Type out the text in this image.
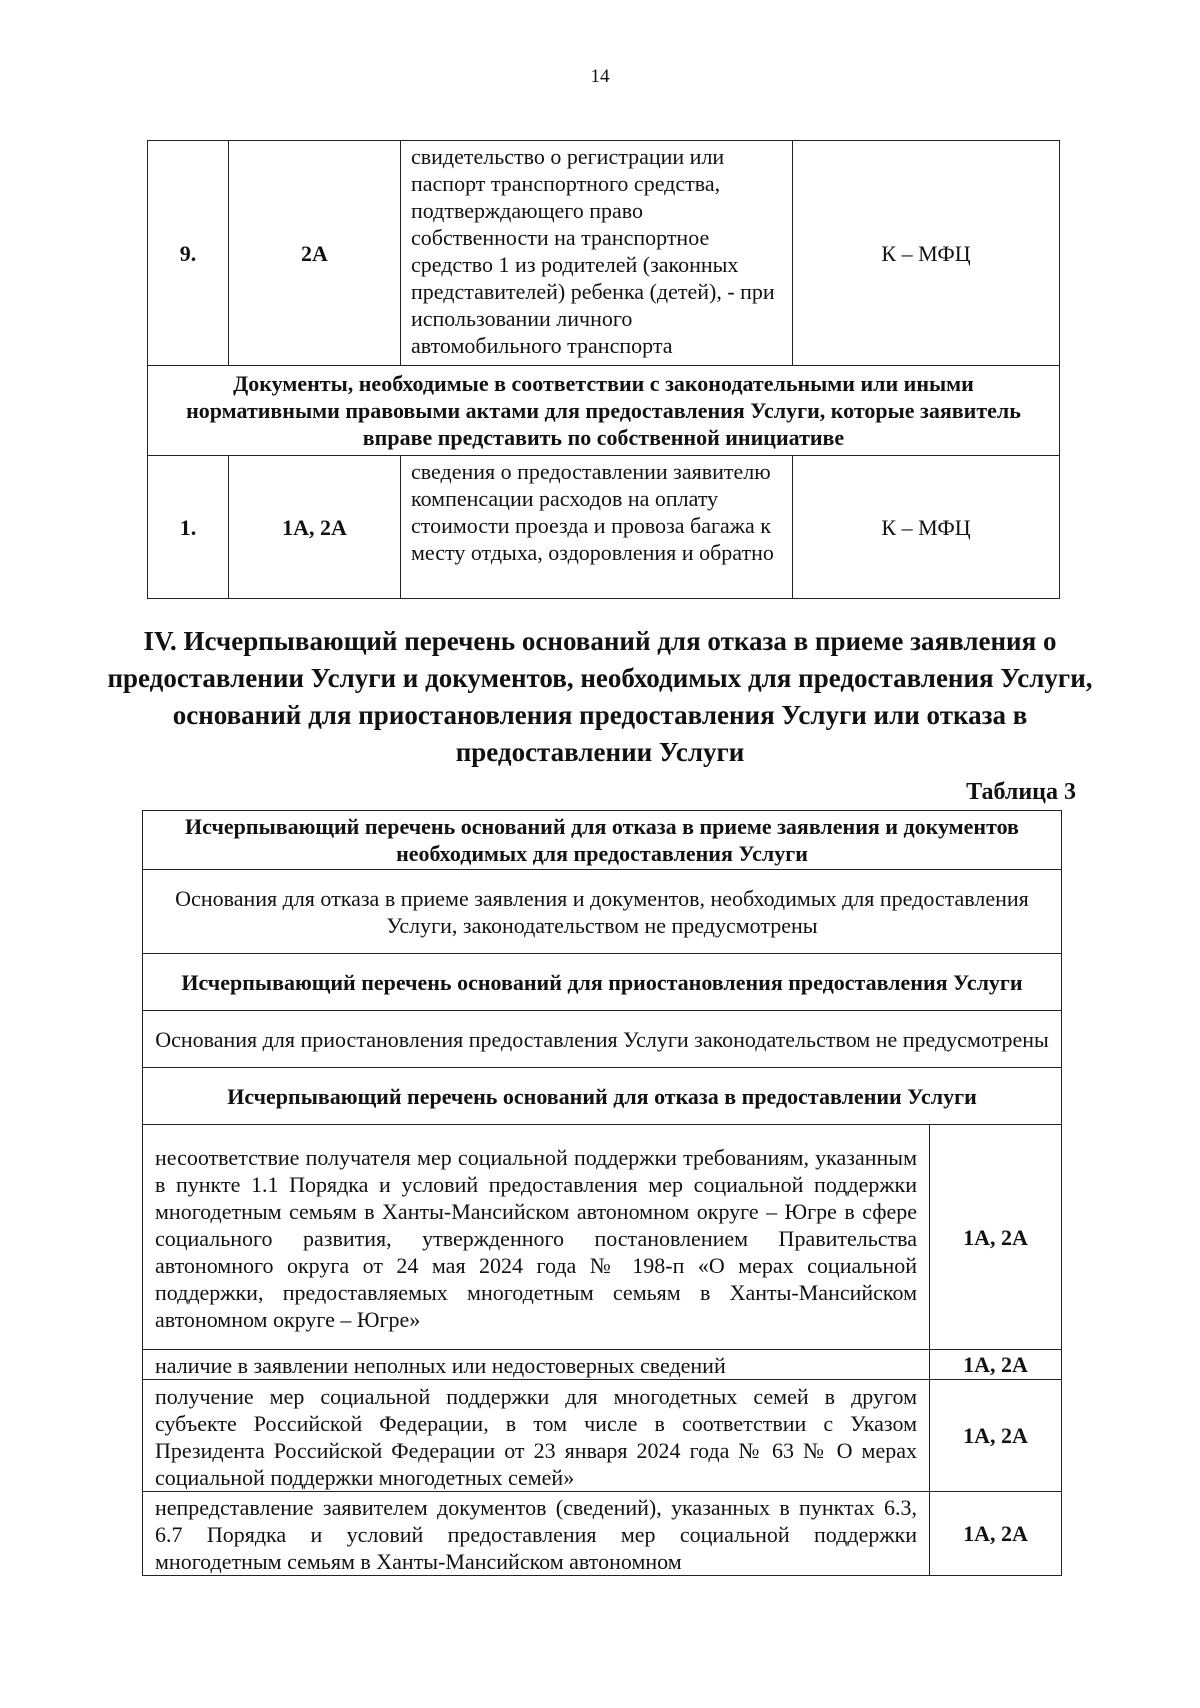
14
9.	2А	свидетельство о регистрации или паспорт транспортного средства, подтверждающего право собственности на транспортное средство 1 из родителей (законных представителей) ребенка (детей), - при использовании личного автомобильного транспорта	К – МФЦ
Документы, необходимые в соответствии с законодательными или иными нормативными правовыми актами для предоставления Услуги, которые заявитель вправе представить по собственной инициативе			
1.	1А, 2А	сведения о предоставлении заявителю компенсации расходов на оплату стоимости проезда и провоза багажа к месту отдыха, оздоровления и обратно	К – МФЦ
IV. Исчерпывающий перечень оснований для отказа в приеме заявления о предоставлении Услуги и документов, необходимых для предоставления Услуги, оснований для приостановления предоставления Услуги или отказа в предоставлении Услуги
Таблица 3
Исчерпывающий перечень оснований для отказа в приеме заявления и документов необходимых для предоставления Услуги	
Основания для отказа в приеме заявления и документов, необходимых для предоставления Услуги, законодательством не предусмотрены	
Исчерпывающий перечень оснований для приостановления предоставления Услуги	
Основания для приостановления предоставления Услуги законодательством не предусмотрены	
Исчерпывающий перечень оснований для отказа в предоставлении Услуги	
несоответствие получателя мер социальной поддержки требованиям, указанным в пункте 1.1 Порядка и условий предоставления мер социальной поддержки многодетным семьям в Ханты-Мансийском автономном округе – Югре в сфере социального развития, утвержденного постановлением Правительства автономного округа от 24 мая 2024 года № 198-п «О мерах социальной поддержки, предоставляемых многодетным семьям в Ханты-Мансийском автономном округе – Югре»	1А, 2А
наличие в заявлении неполных или недостоверных сведений	1А, 2А
получение мер социальной поддержки для многодетных семей в другом субъекте Российской Федерации, в том числе в соответствии с Указом Президента Российской Федерации от 23 января 2024 года № 63 № О мерах социальной поддержки многодетных семей»	1А, 2А
непредставление заявителем документов (сведений), указанных в пунктах 6.3, 6.7 Порядка и условий предоставления мер социальной поддержки многодетным семьям в Ханты-Мансийском автономном	1А, 2А
